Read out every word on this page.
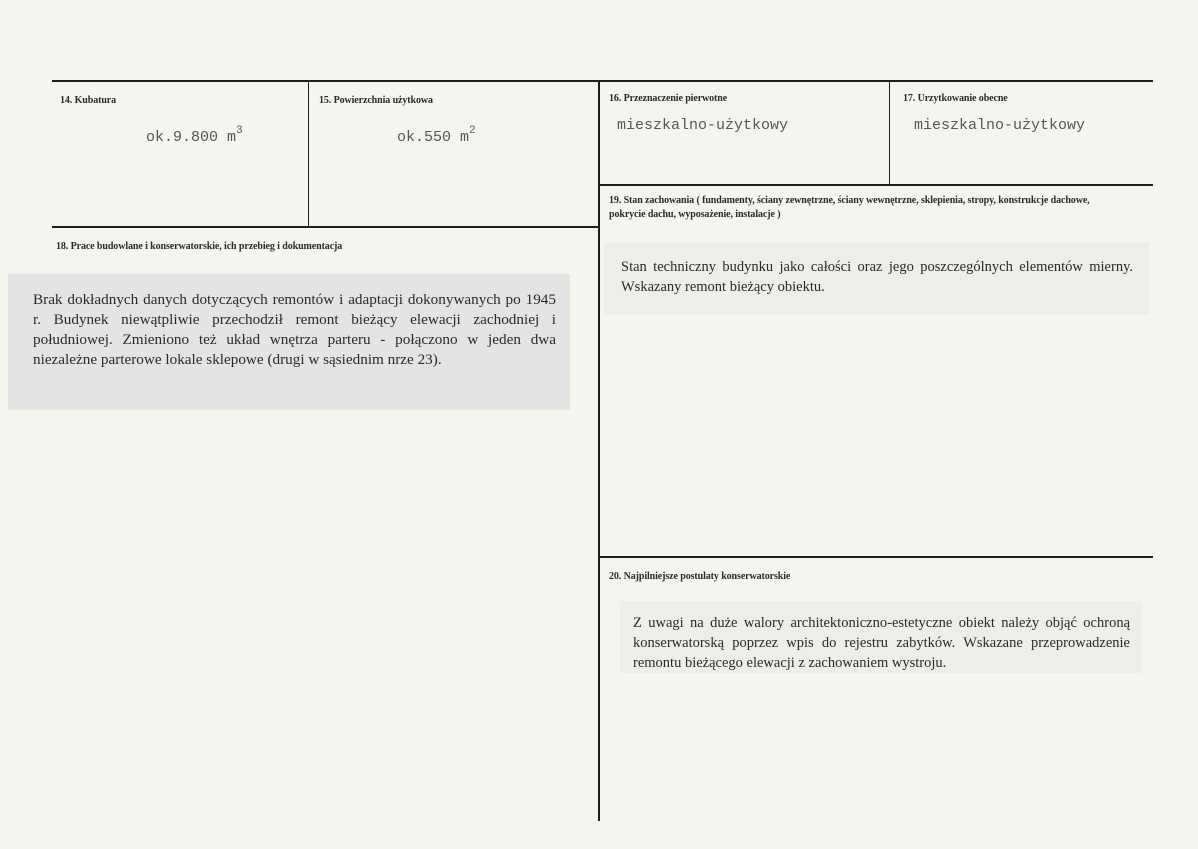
14. Kubatura
ok.9.800 $m^3$
15. Powierzchnia użytkowa
ok.550 $m^2$
16. Przeznaczenie pierwotne
mieszkalno-użytkowy
17. Urzytkowanie obecne
mieszkalno-użytkowy
19. Stan zachowania ( fundamenty, ściany zewnętrzne, ściany wewnętrzne, sklepienia, stropy, konstrukcje dachowe, pokrycie dachu, wyposażenie, instalacje )
Stan techniczny budynku jako całości oraz jego poszczególnych elementów mierny. Wskazany remont bieżący obiektu.
18. Prace budowlane i konserwatorskie, ich przebieg i dokumentacja
Brak dokładnych danych dotyczących remontów i adaptacji dokonywanych po 1945 r. Budynek niewątpliwie przechodził remont bieżący elewacji zachodniej i południowej. Zmieniono też układ wnętrza parteru - połączono w jeden dwa niezależne parterowe lokale sklepowe (drugi w sąsiednim nrze 23).
20. Najpilniejsze postulaty konserwatorskie
Z uwagi na duże walory architektoniczno-estetyczne obiekt należy objąć ochroną konserwatorską poprzez wpis do rejestru zabytków. Wskazane przeprowadzenie remontu bieżącego elewacji z zachowaniem wystroju.
